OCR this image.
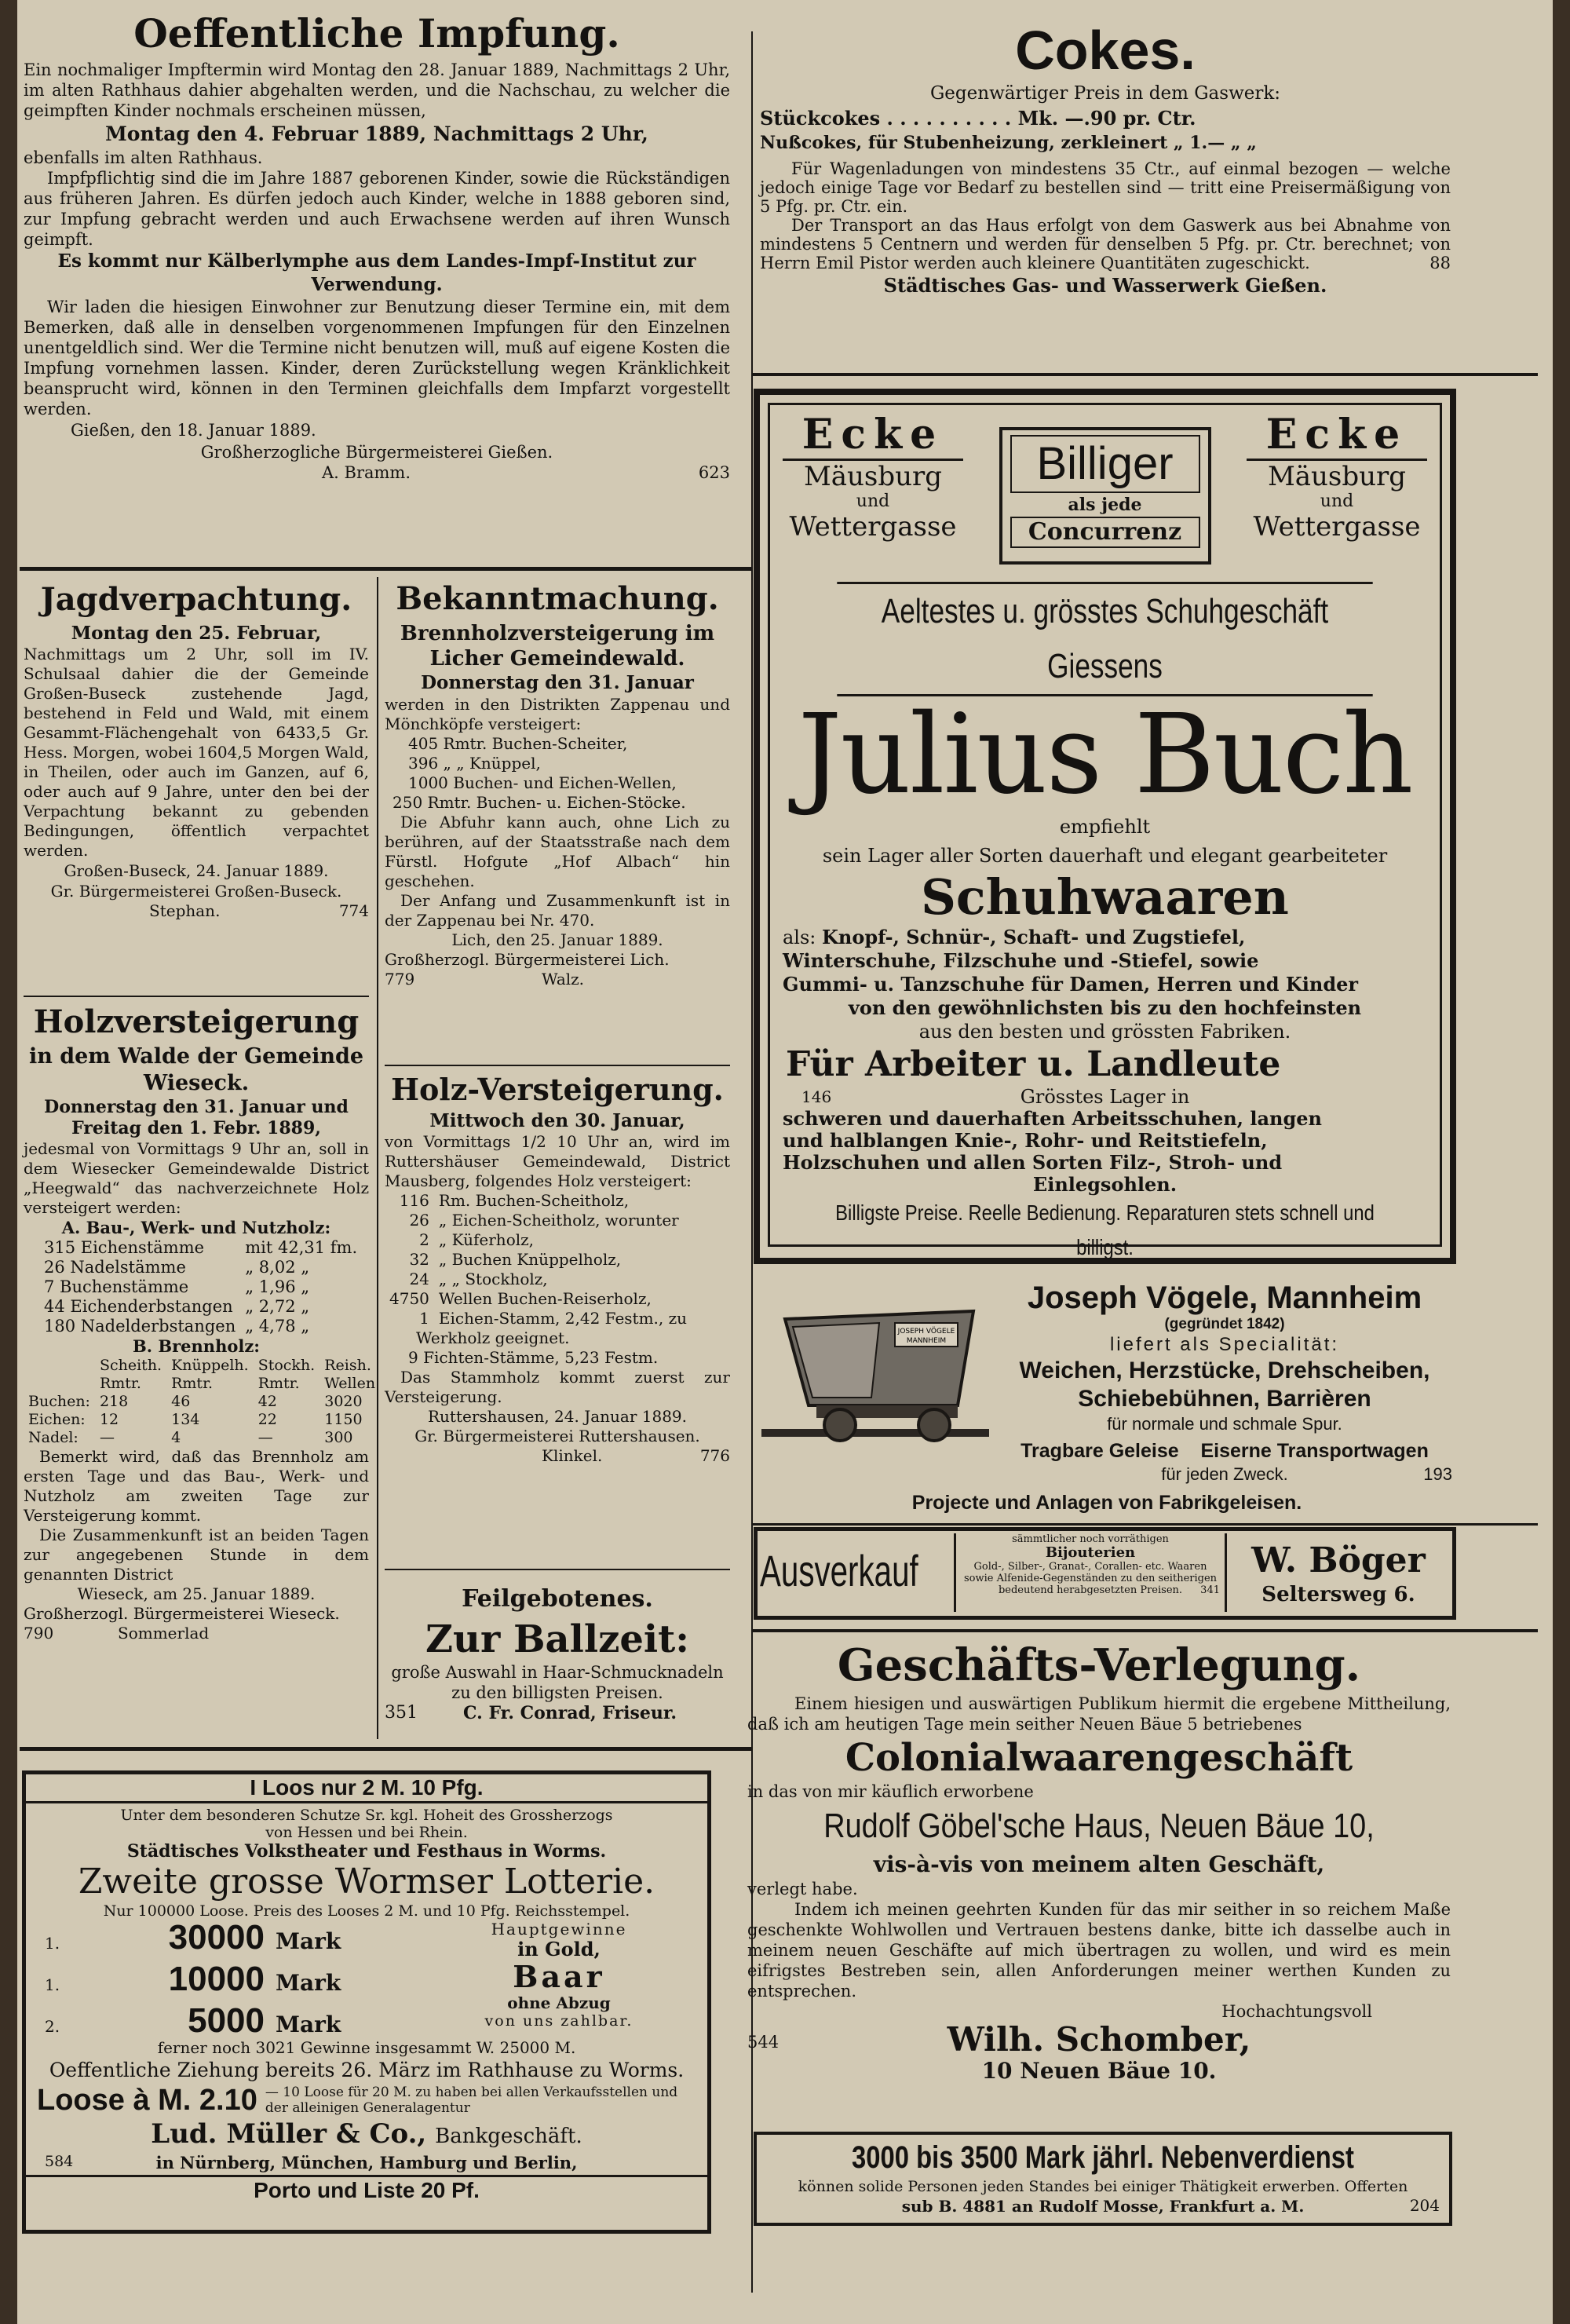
Oeffentliche Impfung.

Ein nochmaliger Impftermin wird Montag den 28. Januar 1889, Nachmittags 2 Uhr, im alten Rathhaus dahier abgehalten werden, und die Nachschau, zu welcher die geimpften Kinder nochmals erscheinen müssen,

Montag den 4. Februar 1889, Nachmittags 2 Uhr,

ebenfalls im alten Rathhaus.

Impfpflichtig sind die im Jahre 1887 geborenen Kinder, sowie die Rückständigen aus früheren Jahren. Es dürfen jedoch auch Kinder, welche in 1888 geboren sind, zur Impfung gebracht werden und auch Erwachsene werden auf ihren Wunsch geimpft.

Es kommt nur Kälberlymphe aus dem Landes-Impf-Institut zur Verwendung.

Wir laden die hiesigen Einwohner zur Benutzung dieser Termine ein, mit dem Bemerken, daß alle in denselben vorgenommenen Impfungen für den Einzelnen unentgeldlich sind. Wer die Termine nicht benutzen will, muß auf eigene Kosten die Impfung vornehmen lassen. Kinder, deren Zurückstellung wegen Kränklichkeit beansprucht wird, können in den Terminen gleichfalls dem Impfarzt vorgestellt werden.

Gießen, den 18. Januar 1889.

Großherzogliche Bürgermeisterei Gießen.

A. Bramm.	623

Cokes.

Gegenwärtiger Preis in dem Gaswerk:

Stückcokes . . . . . . . . . . Mk. —.90 pr. Ctr.

Nußcokes, für Stubenheizung, zerkleinert „ 1.— „ „

Für Wagenladungen von mindestens 35 Ctr., auf einmal bezogen — welche jedoch einige Tage vor Bedarf zu bestellen sind — tritt eine Preisermäßigung von 5 Pfg. pr. Ctr. ein.

Der Transport an das Haus erfolgt von dem Gaswerk aus bei Abnahme von mindestens 5 Centnern und werden für denselben 5 Pfg. pr. Ctr. berechnet; von Herrn Emil Pistor werden auch kleinere Quantitäten zugeschickt.	88

Städtisches Gas- und Wasserwerk Gießen.

Jagdverpachtung.

Montag den 25. Februar,

Nachmittags um 2 Uhr, soll im IV. Schulsaal dahier die der Gemeinde Großen-Buseck zustehende Jagd, bestehend in Feld und Wald, mit einem Gesammt-Flächengehalt von 6433,5 Gr. Hess. Morgen, wobei 1604,5 Morgen Wald, in Theilen, oder auch im Ganzen, auf 6, oder auch auf 9 Jahre, unter den bei der Verpachtung bekannt zu gebenden Bedingungen, öffentlich verpachtet werden.

Großen-Buseck, 24. Januar 1889.

Gr. Bürgermeisterei Großen-Buseck.

Stephan.	774

Holzversteigerung

in dem Walde der Gemeinde Wieseck.

Donnerstag den 31. Januar und Freitag den 1. Febr. 1889,

jedesmal von Vormittags 9 Uhr an, soll in dem Wiesecker Gemeindewalde District „Heegwald“ das nachverzeichnete Holz versteigert werden:

A. Bau-, Werk- und Nutzholz:

315 Eichenstämme	mit 42,31 fm.
26 Nadelstämme	„ 8,02 „
7 Buchenstämme	„ 1,96 „
44 Eichenderbstangen	„ 2,72 „
180 Nadelderbstangen	„ 4,78 „

B. Brennholz:

	Scheith.	Knüppelh.	Stockh.	Reish.
	Rmtr.	Rmtr.	Rmtr.	Wellen
Buchen:	218	46	42	3020
Eichen:	12	134	22	1150
Nadel:	—	4	—	300

Bemerkt wird, daß das Brennholz am ersten Tage und das Bau-, Werk- und Nutzholz am zweiten Tage zur Versteigerung kommt.

Die Zusammenkunft ist an beiden Tagen zur angegebenen Stunde in dem genannten District

Wieseck, am 25. Januar 1889.

Großherzogl. Bürgermeisterei Wieseck.

790	Sommerlad

Bekanntmachung.

Brennholzversteigerung im Licher Gemeindewald.

Donnerstag den 31. Januar

werden in den Distrikten Zappenau und Mönchköpfe versteigert:

405 Rmtr. Buchen-Scheiter,

396 „ „ Knüppel,

1000 Buchen- und Eichen-Wellen,

250 Rmtr. Buchen- u. Eichen-Stöcke.

Die Abfuhr kann auch, ohne Lich zu berühren, auf der Staatsstraße nach dem Fürstl. Hofgute „Hof Albach“ hin geschehen.

Der Anfang und Zusammenkunft ist in der Zappenau bei Nr. 470.

Lich, den 25. Januar 1889.

Großherzogl. Bürgermeisterei Lich.

779	Walz.

Holz-Versteigerung.

Mittwoch den 30. Januar,

von Vormittags 1/2 10 Uhr an, wird im Ruttershäuser Gemeindewald, District Mausberg, folgendes Holz versteigert:

116	Rm. Buchen-Scheitholz,
26	„ Eichen-Scheitholz, worunter
2	„ Küferholz,
32	„ Buchen Knüppelholz,
24	„ „ Stockholz,
4750	Wellen Buchen-Reiserholz,
1	Eichen-Stamm, 2,42 Festm., zu

Werkholz geeignet.

9 Fichten-Stämme, 5,23 Festm.

Das Stammholz kommt zuerst zur Versteigerung.

Ruttershausen, 24. Januar 1889.

Gr. Bürgermeisterei Ruttershausen.

Klinkel.	776

Feilgebotenes.

Zur Ballzeit:

große Auswahl in Haar-Schmucknadeln zu den billigsten Preisen.

351	C. Fr. Conrad, Friseur.

I Loos nur 2 M. 10 Pfg.

Unter dem besonderen Schutze Sr. kgl. Hoheit des Grossherzogs

von Hessen und bei Rhein.

Städtisches Volkstheater und Festhaus in Worms.

Zweite grosse Wormser Lotterie.

Nur 100000 Loose. Preis des Looses 2 M. und 10 Pfg. Reichsstempel.

1.	30000 Mark
1.	10000 Mark
2.	5000 Mark

Hauptgewinne

in Gold,

Baar

ohne Abzug

von uns zahlbar.

ferner noch 3021 Gewinne insgesammt W. 25000 M.

Oeffentliche Ziehung bereits 26. März im Rathhause zu Worms.

Loose à M. 2.10 — 10 Loose für 20 M. zu haben bei allen Verkaufsstellen und der alleinigen Generalagentur

Lud. Müller & Co., Bankgeschäft.

584	in Nürnberg, München, Hamburg und Berlin,

Porto und Liste 20 Pf.

Ecke

Mäusburg

und

Wettergasse

Billiger

als jede

Concurrenz

Ecke

Mäusburg

und

Wettergasse

Aeltestes u. grösstes Schuhgeschäft Giessens

Julius Buch

empfiehlt

sein Lager aller Sorten dauerhaft und elegant gearbeiteter

Schuhwaaren

als: Knopf-, Schnür-, Schaft- und Zugstiefel,

Winterschuhe, Filzschuhe und -Stiefel, sowie

Gummi- u. Tanzschuhe für Damen, Herren und Kinder

von den gewöhnlichsten bis zu den hochfeinsten

aus den besten und grössten Fabriken.

Für Arbeiter u. Landleute

146	Grösstes Lager in

schweren und dauerhaften Arbeitsschuhen, langen

und halblangen Knie-, Rohr- und Reitstiefeln,

Holzschuhen und allen Sorten Filz-, Stroh- und

Einlegsohlen.

Billigste Preise. Reelle Bedienung. Reparaturen stets schnell und billigst.

JOSEPH VÖGELE
MANNHEIM

Joseph Vögele, Mannheim

(gegründet 1842)

liefert als Specialität:

Weichen, Herzstücke, Drehscheiben,

Schiebebühnen, Barrièren

für normale und schmale Spur.

Tragbare Geleise Eiserne Transportwagen

für jeden Zweck.	193

Projecte und Anlagen von Fabrikgeleisen.

Ausverkauf

sämmtlicher noch vorräthigen

Bijouterien

Gold-, Silber-, Granat-, Corallen- etc. Waaren sowie Alfenide-Gegenständen zu den seitherigen bedeutend herabgesetzten Preisen.	341

W. Böger

Seltersweg 6.

Geschäfts-Verlegung.

Einem hiesigen und auswärtigen Publikum hiermit die ergebene Mittheilung, daß ich am heutigen Tage mein seither Neuen Bäue 5 betriebenes

Colonialwaarengeschäft

in das von mir käuflich erworbene

Rudolf Göbel'sche Haus, Neuen Bäue 10,

vis-à-vis von meinem alten Geschäft,

verlegt habe.

Indem ich meinen geehrten Kunden für das mir seither in so reichem Maße geschenkte Wohlwollen und Vertrauen bestens danke, bitte ich dasselbe auch in meinem neuen Geschäfte auf mich übertragen zu wollen, und wird es mein eifrigstes Bestreben sein, allen Anforderungen meiner werthen Kunden zu entsprechen.

Hochachtungsvoll

544	Wilh. Schomber,

10 Neuen Bäue 10.

3000 bis 3500 Mark jährl. Nebenverdienst

können solide Personen jeden Standes bei einiger Thätigkeit erwerben. Offerten

sub B. 4881 an Rudolf Mosse, Frankfurt a. M.	204
